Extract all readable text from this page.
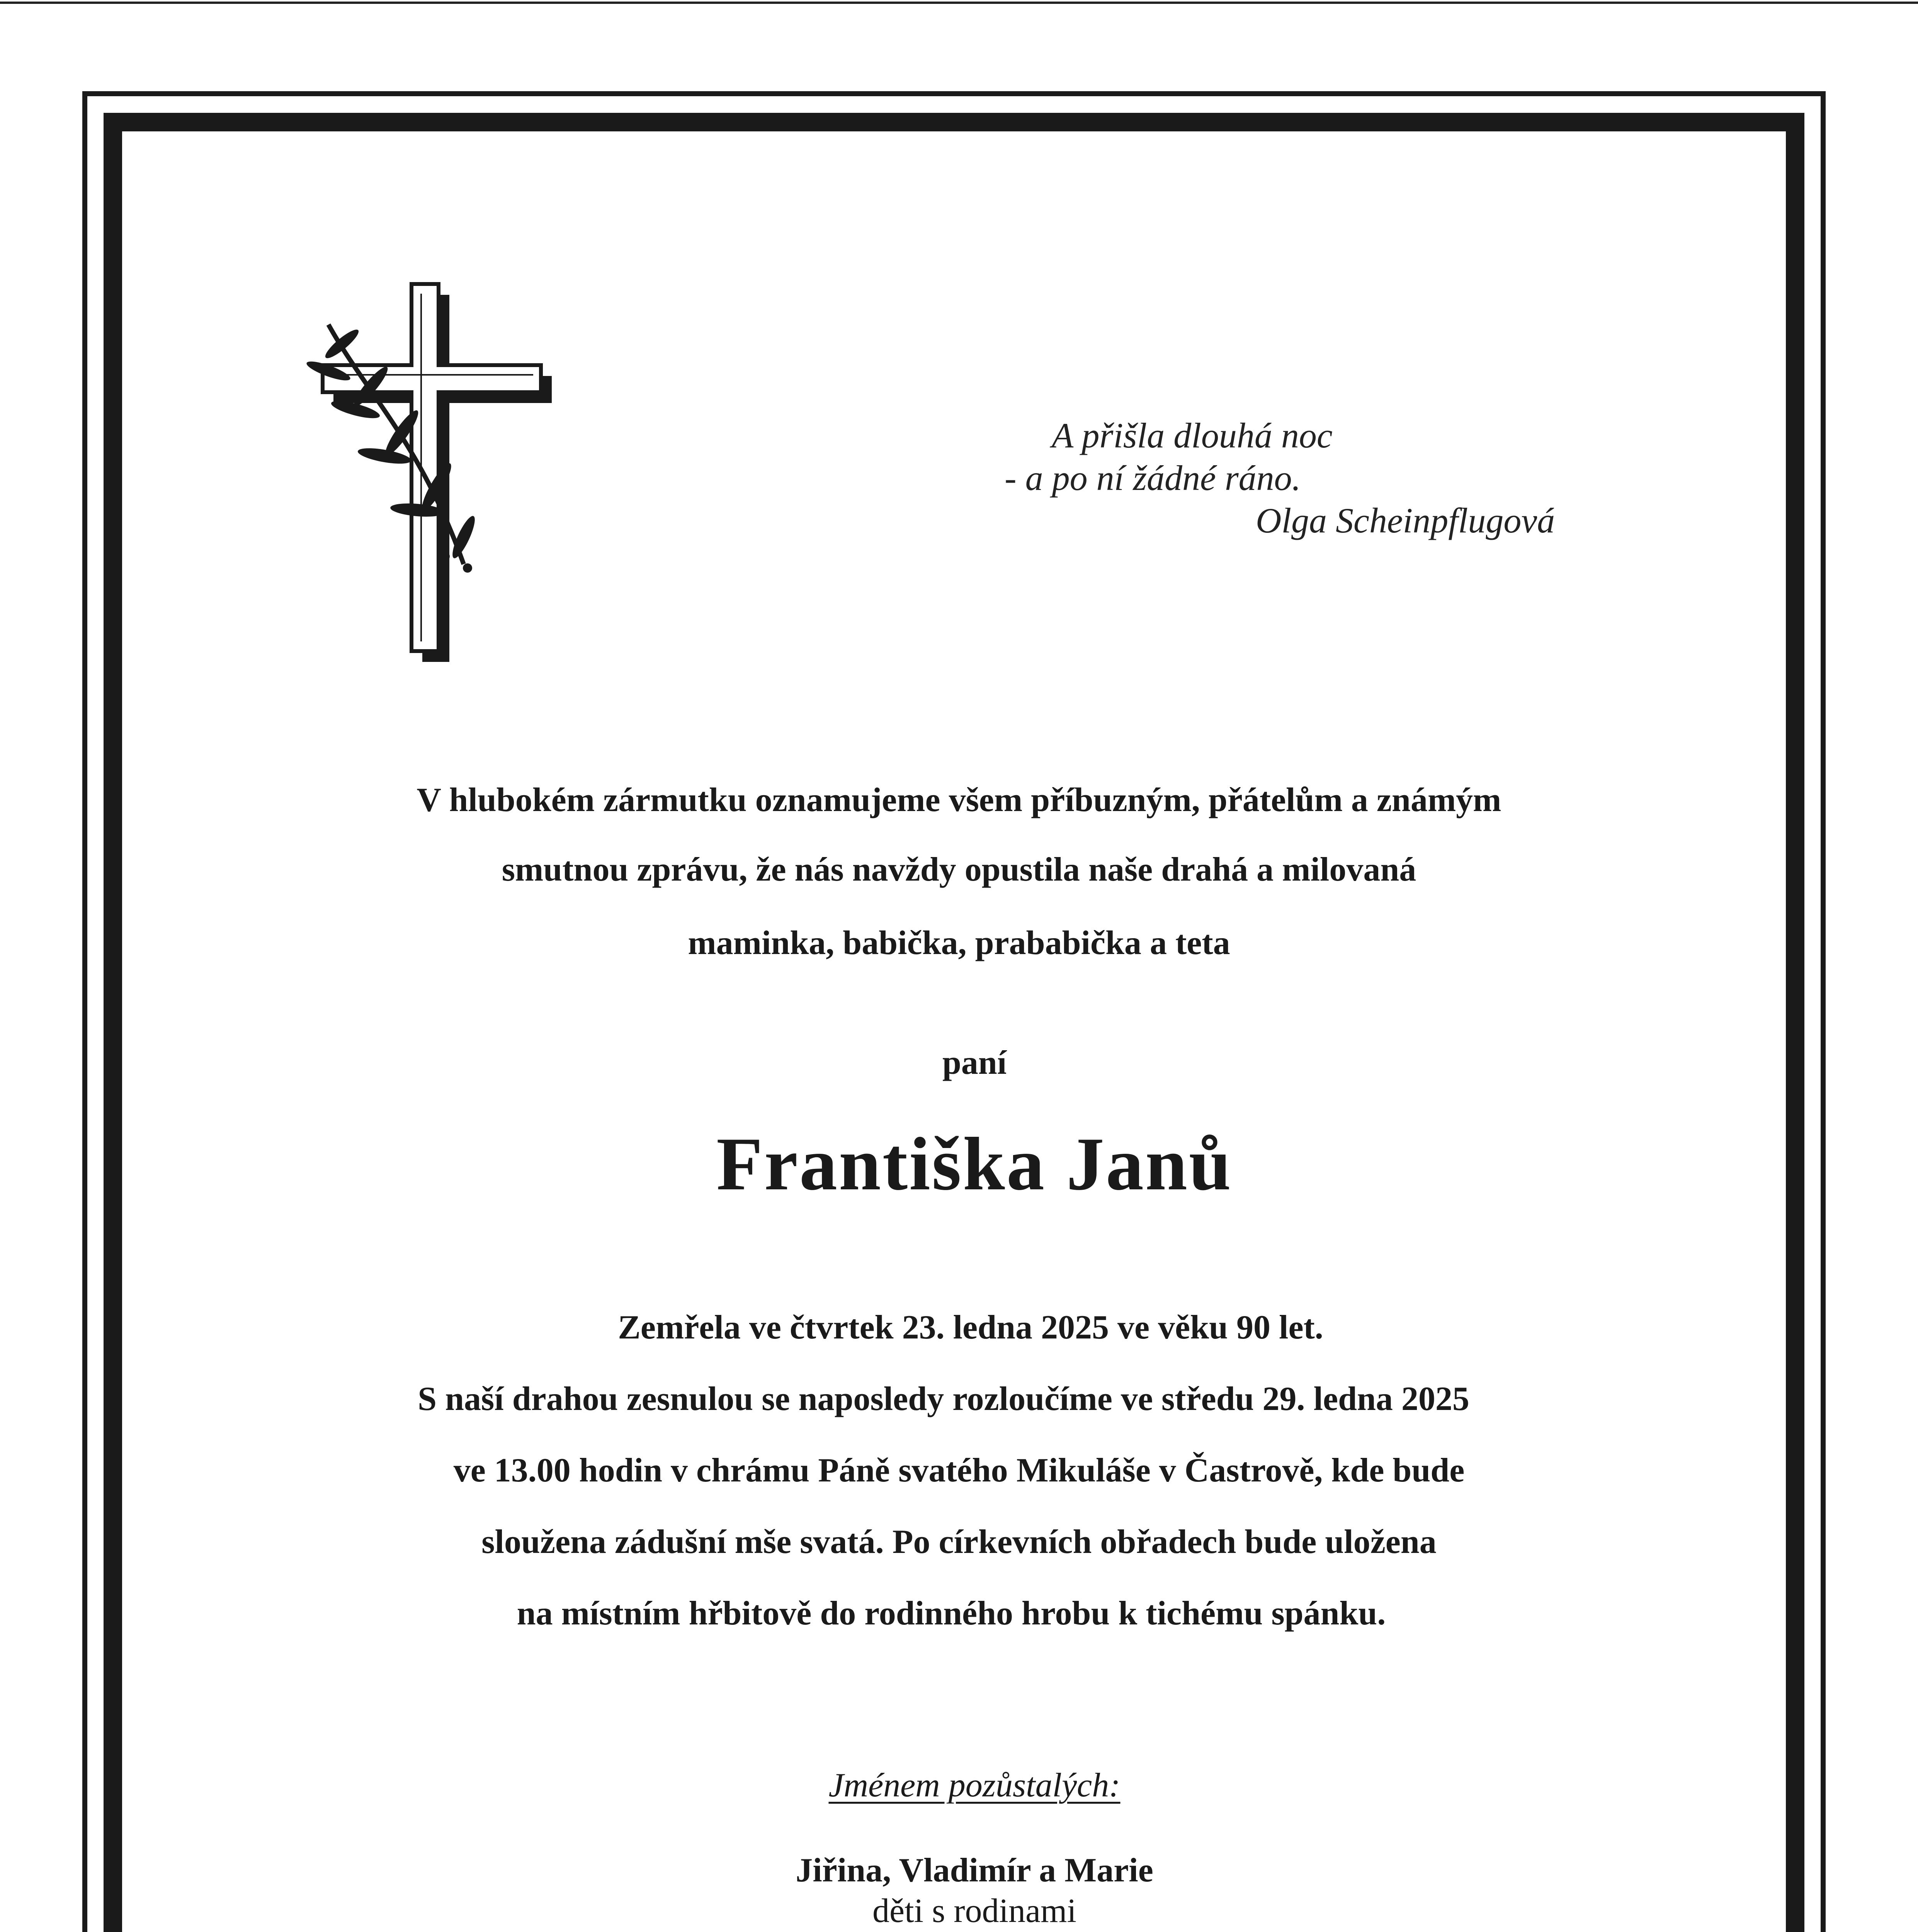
A přišla dlouhá noc
- a po ní žádné ráno.
Olga Scheinpflugová
V hlubokém zármutku oznamujeme všem příbuzným, přátelům a známým
smutnou zprávu, že nás navždy opustila naše drahá a milovaná
maminka, babička, prababička a teta
paní
Františka Janů
Zemřela ve čtvrtek 23. ledna 2025 ve věku 90 let.
S naší drahou zesnulou se naposledy rozloučíme ve středu 29. ledna 2025
ve 13.00 hodin v chrámu Páně svatého Mikuláše v Častrově, kde bude
sloužena zádušní mše svatá. Po církevních obřadech bude uložena
na místním hřbitově do rodinného hrobu k tichému spánku.
Jménem pozůstalých:
Jiřina, Vladimír a Marie
děti s rodinami
